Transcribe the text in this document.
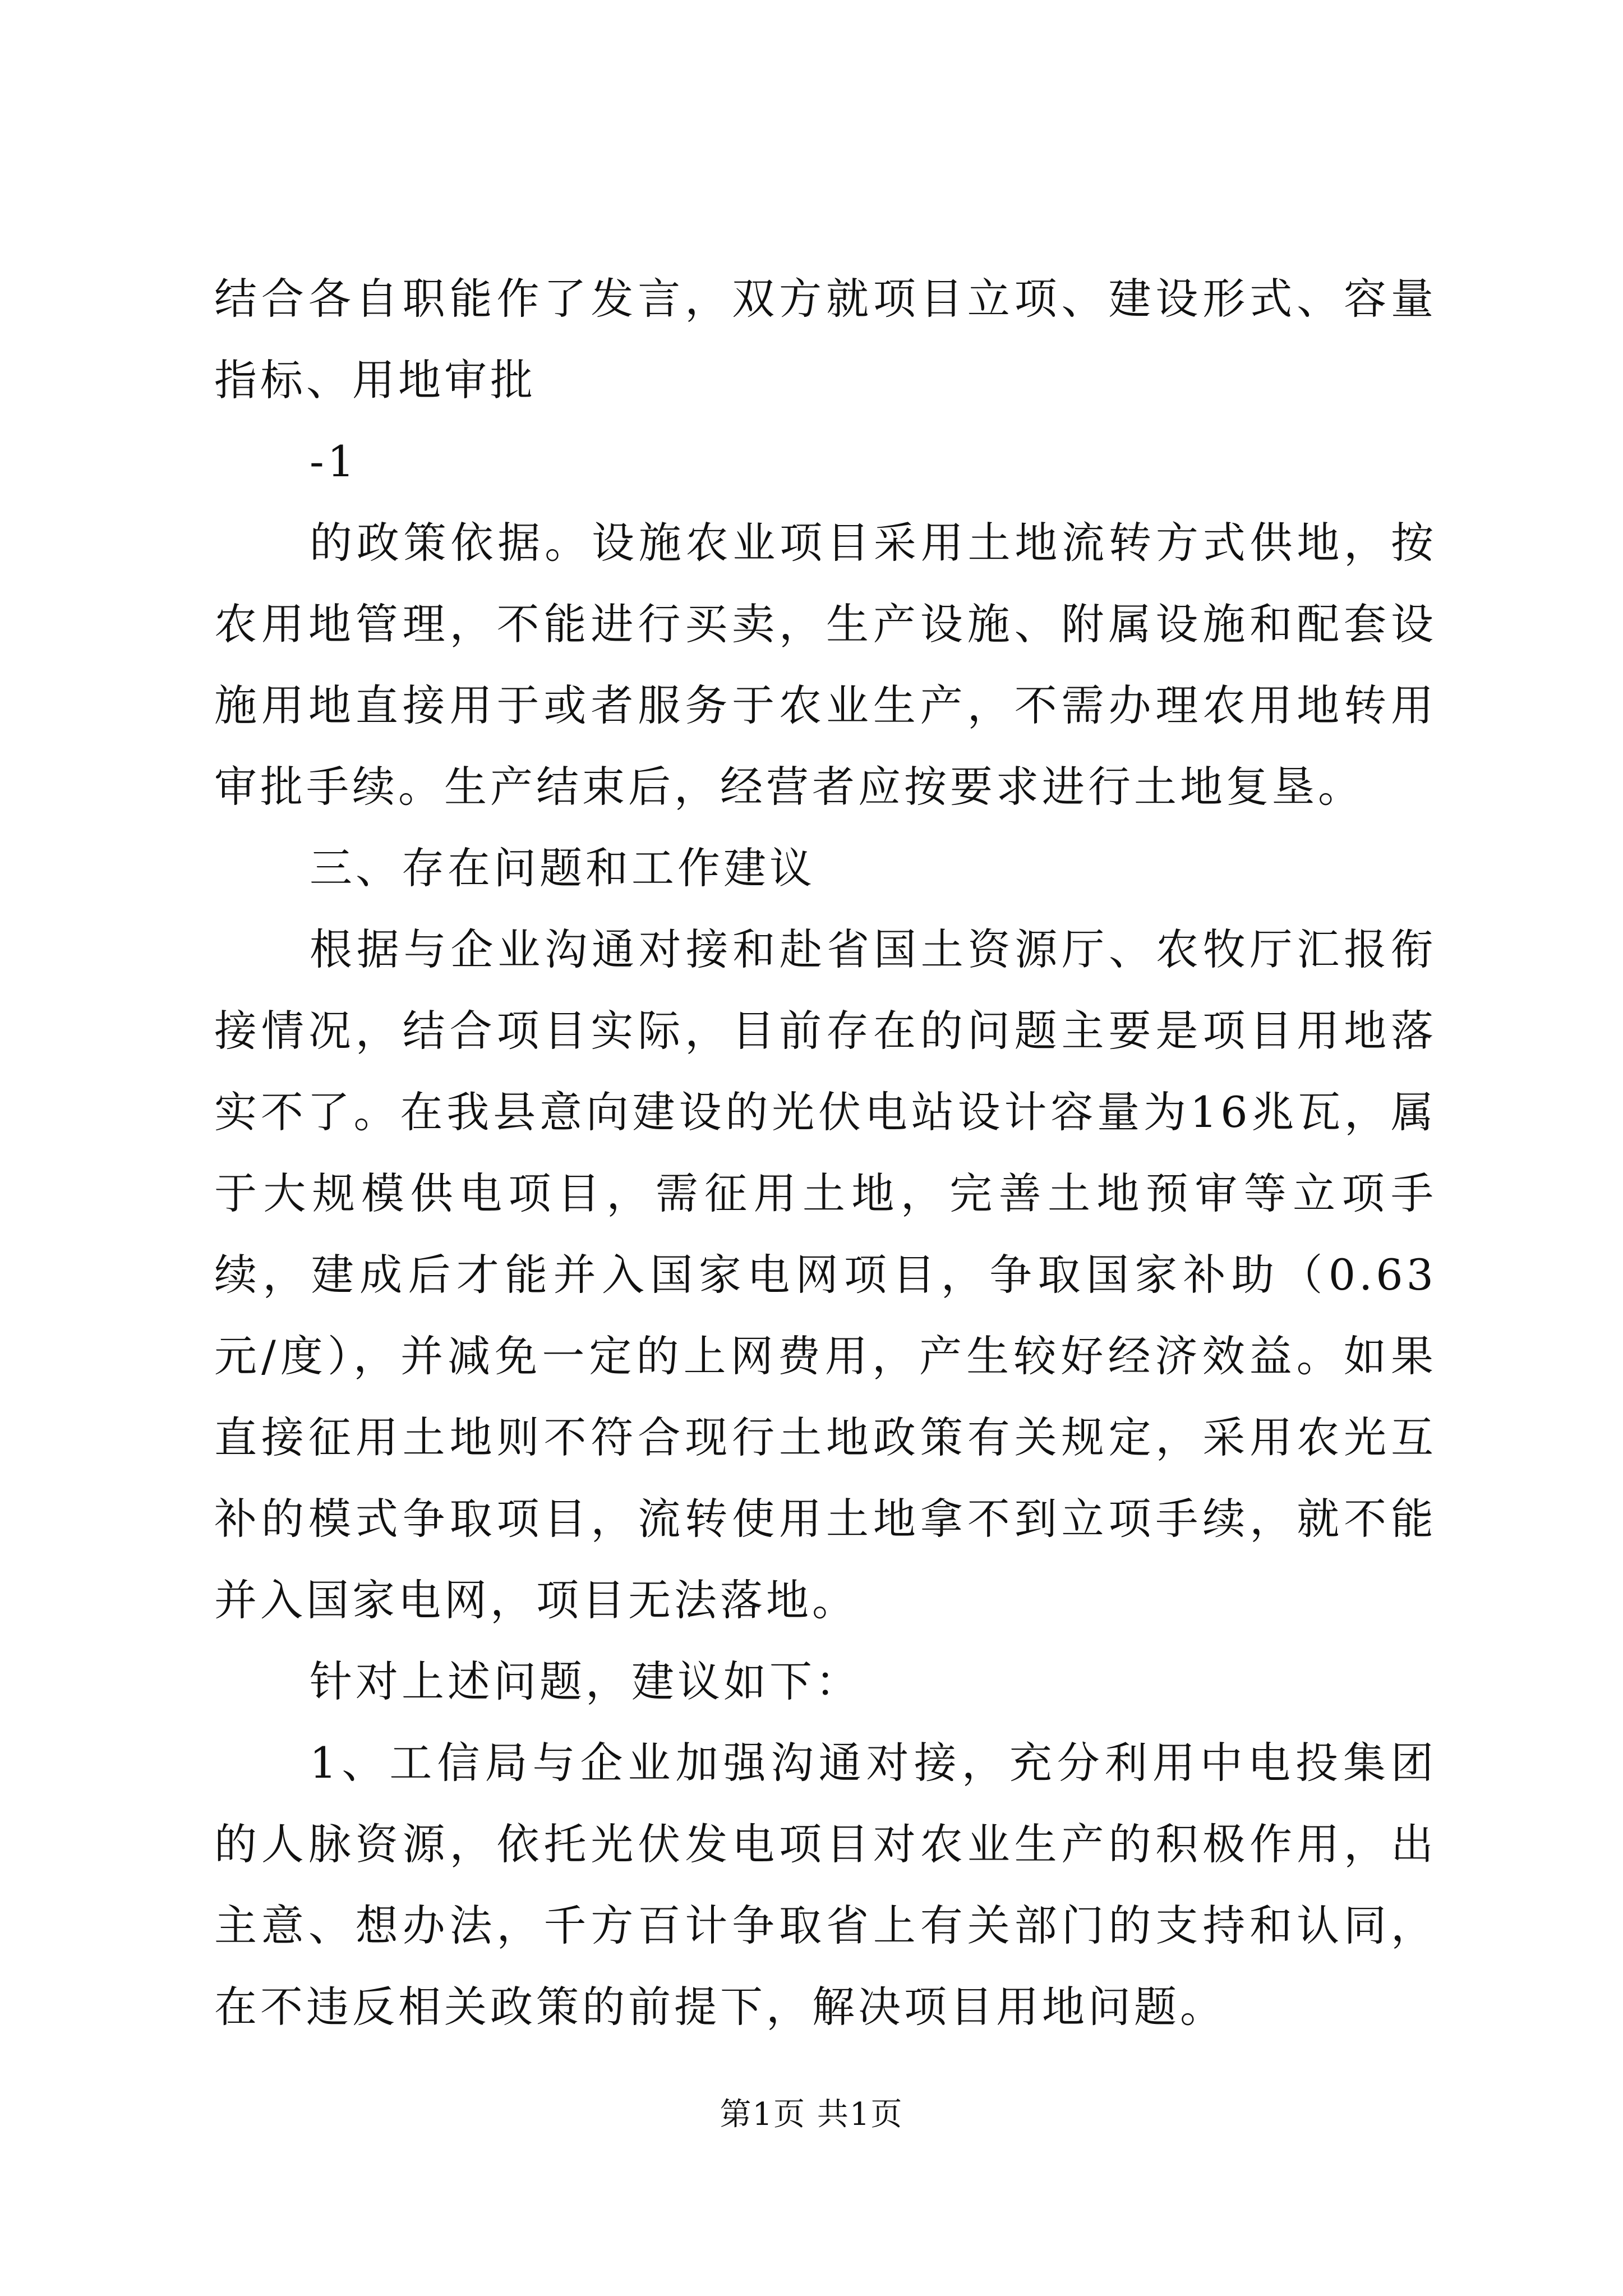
结合各自职能作了发言，双方就项目立项、建设形式、容量指标、用地审批

-1

的政策依据。设施农业项目采用土地流转方式供地，按农用地管理，不能进行买卖，生产设施、附属设施和配套设施用地直接用于或者服务于农业生产，不需办理农用地转用审批手续。生产结束后，经营者应按要求进行土地复垦。

三、存在问题和工作建议

根据与企业沟通对接和赴省国土资源厅、农牧厅汇报衔接情况，结合项目实际，目前存在的问题主要是项目用地落实不了。在我县意向建设的光伏电站设计容量为16兆瓦，属于大规模供电项目，需征用土地，完善土地预审等立项手续，建成后才能并入国家电网项目，争取国家补助（0.63元/度），并减免一定的上网费用，产生较好经济效益。如果直接征用土地则不符合现行土地政策有关规定，采用农光互补的模式争取项目，流转使用土地拿不到立项手续，就不能并入国家电网，项目无法落地。

针对上述问题，建议如下：

1、工信局与企业加强沟通对接，充分利用中电投集团的人脉资源，依托光伏发电项目对农业生产的积极作用，出主意、想办法，千方百计争取省上有关部门的支持和认同，在不违反相关政策的前提下，解决项目用地问题。

第1页 共1页
